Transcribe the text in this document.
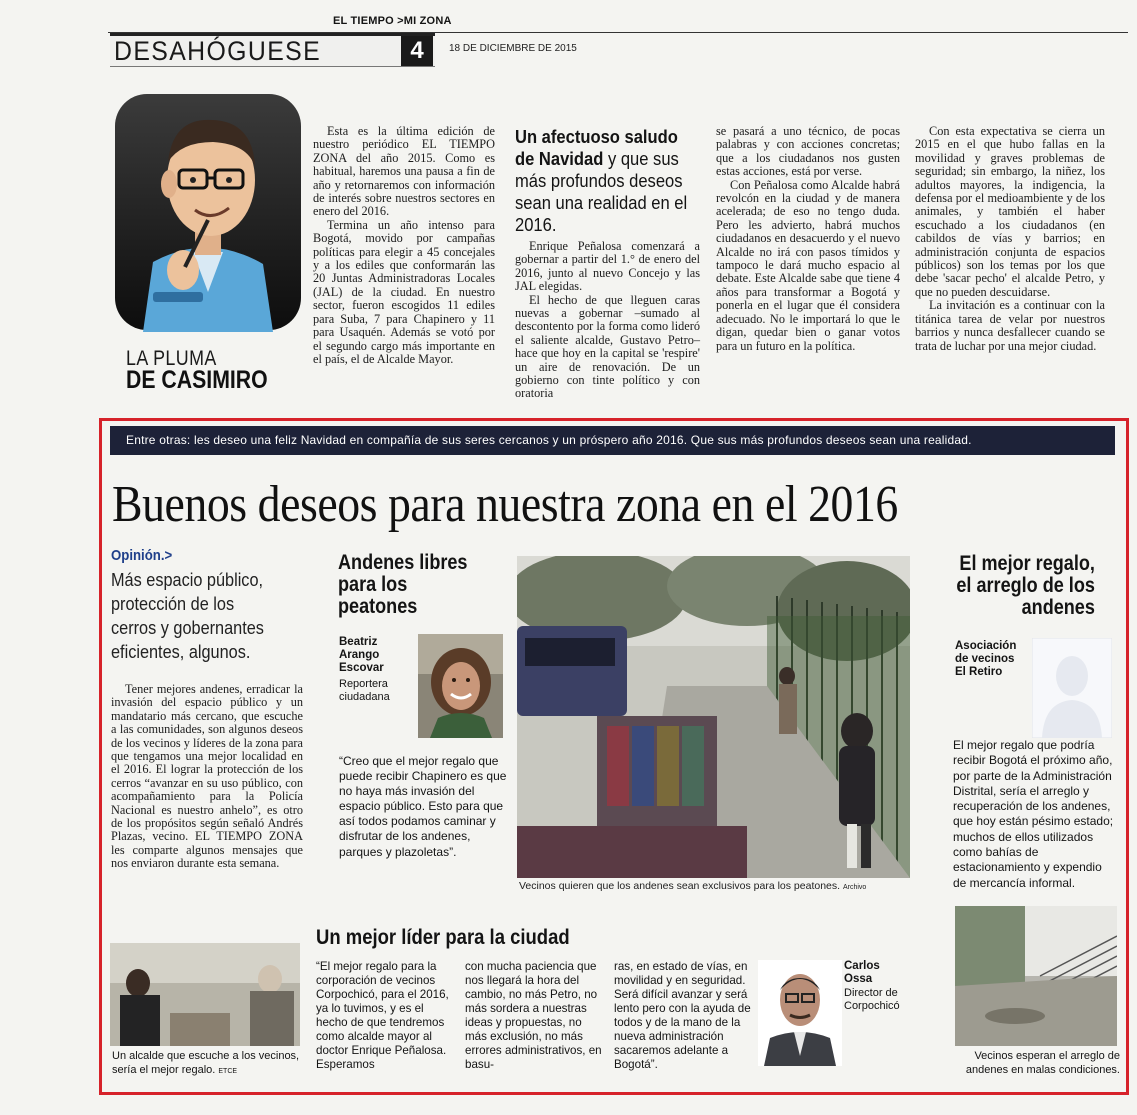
EL TIEMPO >MI ZONA
DESAHÓGUESE	4	18 DE DICIEMBRE DE 2015
LA PLUMA
DE CASIMIRO

Esta es la última edición de nuestro periódico EL TIEMPO ZONA del año 2015. Como es habitual, haremos una pausa a fin de año y retornaremos con información de interés sobre nuestros sectores en enero del 2016.

Termina un año intenso para Bogotá, movido por campañas políticas para elegir a 45 concejales y a los ediles que conformarán las 20 Juntas Administradoras Locales (JAL) de la ciudad. En nuestro sector, fueron escogidos 11 ediles para Suba, 7 para Chapinero y 11 para Usaquén. Además se votó por el segundo cargo más importante en el país, el de Alcalde Mayor.

Un afectuoso saludo de Navidad y que sus más profundos deseos sean una realidad en el 2016.

Enrique Peñalosa comenzará a gobernar a partir del 1.° de enero del 2016, junto al nuevo Concejo y las JAL elegidas.

El hecho de que lleguen caras nuevas a gobernar –sumado al descontento por la forma como lideró el saliente alcalde, Gustavo Petro– hace que hoy en la capital se 'respire' un aire de renovación. De un gobierno con tinte político y con oratoria

se pasará a uno técnico, de pocas palabras y con acciones concretas; que a los ciudadanos nos gusten estas acciones, está por verse.

Con Peñalosa como Alcalde habrá revolcón en la ciudad y de manera acelerada; de eso no tengo duda. Pero les advierto, habrá muchos ciudadanos en desacuerdo y el nuevo Alcalde no irá con pasos tímidos y tampoco le dará mucho espacio al debate. Este Alcalde sabe que tiene 4 años para transformar a Bogotá y ponerla en el lugar que él considera adecuado. No le importará lo que le digan, quedar bien o ganar votos para un futuro en la política.

Con esta expectativa se cierra un 2015 en el que hubo fallas en la movilidad y graves problemas de seguridad; sin embargo, la niñez, los adultos mayores, la indigencia, la defensa por el medioambiente y de los animales, y también el haber escuchado a los ciudadanos (en cabildos de vías y barrios; en administración conjunta de espacios públicos) son los temas por los que debe 'sacar pecho' el alcalde Petro, y que no pueden descuidarse.

La invitación es a continuar con la titánica tarea de velar por nuestros barrios y nunca desfallecer cuando se trata de luchar por una mejor ciudad.

Entre otras: les deseo una feliz Navidad en compañía de sus seres cercanos y un próspero año 2016. Que sus más profundos deseos sean una realidad.
Buenos deseos para nuestra zona en el 2016
Opinión.>
Más espacio público, protección de los cerros y gobernantes eficientes, algunos.

Tener mejores andenes, erradicar la invasión del espacio público y un mandatario más cercano, que escuche a las comunidades, son algunos deseos de los vecinos y líderes de la zona para que tengamos una mejor localidad en el 2016. El lograr la protección de los cerros “avanzar en su uso público, con acompañamiento para la Policía Nacional es nuestro anhelo”, es otro de los propósitos según señaló Andrés Plazas, vecino. EL TIEMPO ZONA les comparte algunos mensajes que nos enviaron durante esta semana.

Andenes libres para los peatones
Beatriz Arango Escovar
Reportera ciudadana
“Creo que el mejor regalo que puede recibir Chapinero es que no haya más invasión del espacio público. Esto para que así todos podamos caminar y disfrutar de los andenes, parques y plazoletas”.
Vecinos quieren que los andenes sean exclusivos para los peatones. Archivo
El mejor regalo, el arreglo de los andenes
Asociación de vecinos El Retiro
El mejor regalo que podría recibir Bogotá el próximo año, por parte de la Administración Distrital, sería el arreglo y recuperación de los andenes, que hoy están pésimo estado; muchos de ellos utilizados como bahías de estacionamiento y expendio de mercancía informal.
Un mejor líder para la ciudad
Un alcalde que escuche a los vecinos, sería el mejor regalo. ETCE
“El mejor regalo para la corporación de vecinos Corpochicó, para el 2016, ya lo tuvimos, y es el hecho de que tendremos como alcalde mayor al doctor Enrique Peñalosa. Esperamos
con mucha paciencia que nos llegará la hora del cambio, no más Petro, no más sordera a nuestras ideas y propuestas, no más exclusión, no más errores administrativos, en basu-
ras, en estado de vías, en movilidad y en seguridad. Será difícil avanzar y será lento pero con la ayuda de todos y de la mano de la nueva administración sacaremos adelante a Bogotá”.
Carlos Ossa
Director de Corpochicó
Vecinos esperan el arreglo de andenes en malas condiciones.
